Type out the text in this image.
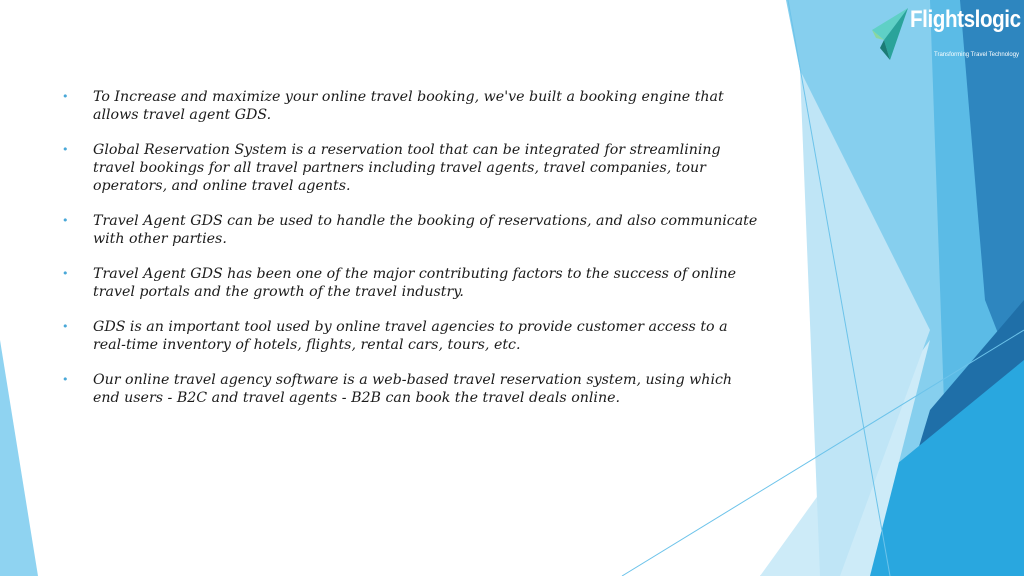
Flightslogic
Transforming Travel Technology
• To Increase and maximize your online travel booking, we've built a booking engine that allows travel agent GDS.
• Global Reservation System is a reservation tool that can be integrated for streamlining travel bookings for all travel partners including travel agents, travel companies, tour operators, and online travel agents.
• Travel Agent GDS can be used to handle the booking of reservations, and also communicate with other parties.
• Travel Agent GDS has been one of the major contributing factors to the success of online travel portals and the growth of the travel industry.
• GDS is an important tool used by online travel agencies to provide customer access to a real-time inventory of hotels, flights, rental cars, tours, etc.
• Our online travel agency software is a web-based travel reservation system, using which end users - B2C and travel agents - B2B can book the travel deals online.
